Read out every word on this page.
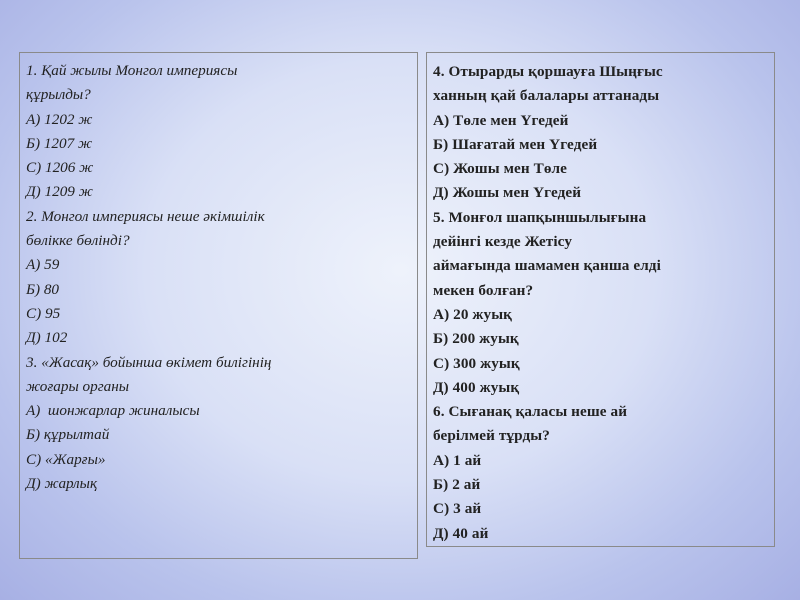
1. Қай жылы Монгол империясы

құрылды?

А) 1202 ж

Б) 1207 ж

С) 1206 ж

Д) 1209 ж

2. Монгол империясы неше әкімшілік

бөлікке бөлінді?

А) 59

Б) 80

С) 95

Д) 102

3. «Жасақ» бойынша өкімет билігінің

жоғары органы

А)  шонжарлар жиналысы

Б) құрылтай

С) «Жарғы»

Д) жарлық

4. Отырарды қоршауға Шыңғыс

ханның қай балалары аттанады

А) Төле мен Үгедей

Б) Шағатай мен Үгедей

С) Жошы мен Төле

Д) Жошы мен Үгедей

5. Монғол шапқыншылығына

дейінгі кезде Жетісу

аймағында шамамен қанша елді

мекен болған?

А) 20 жуық

Б) 200 жуық

С) 300 жуық

Д) 400 жуық

6. Сығанақ қаласы неше ай

берілмей тұрды?

А) 1 ай

Б) 2 ай

С) 3 ай

Д) 40 ай
